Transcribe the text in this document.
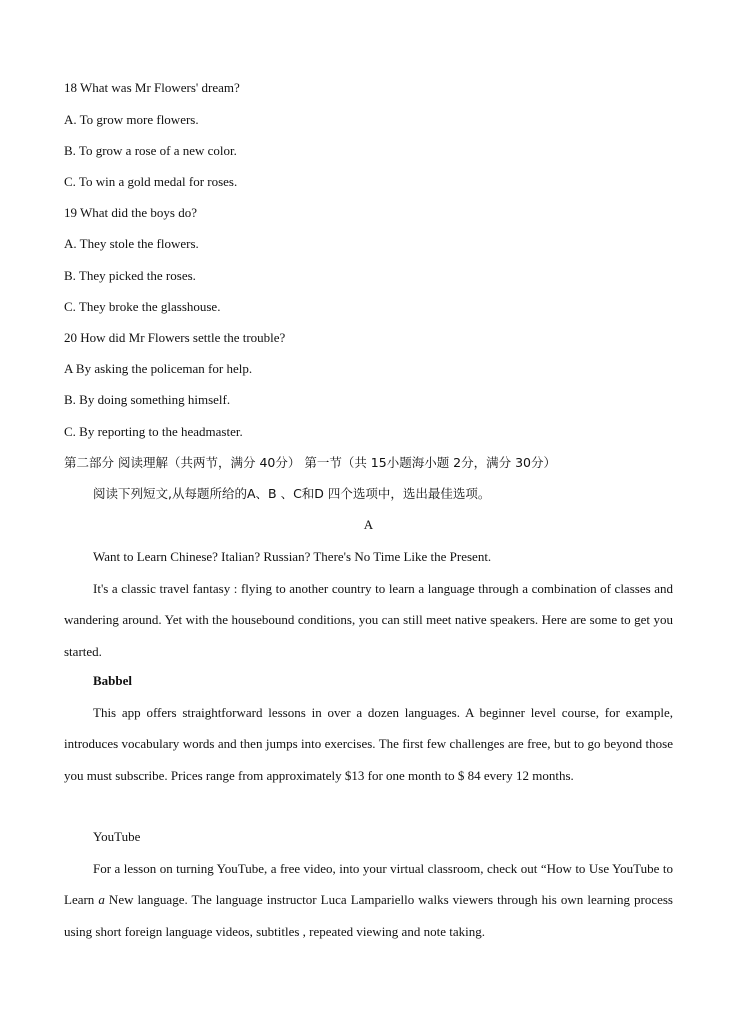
18 What was Mr Flowers' dream?
A. To grow more flowers.
B. To grow a rose of a new color.
C. To win a gold medal for roses.
19 What did the boys do?
A. They stole the flowers.
B. They picked the roses.
C. They broke the glasshouse.
20 How did Mr Flowers settle the trouble?
A By asking the policeman for help.
B. By doing something himself.
C. By reporting to the headmaster.
第二部分 阅读理解（共两节，满分 40分） 第一节（共 15小题海小题 2分，满分 30分）
阅读下列短文,从每题所给的A、B 、C和D 四个选项中，选出最佳选项。
A
Want to Learn Chinese? Italian? Russian? There's No Time Like the Present.
It's a classic travel fantasy : flying to another country to learn a language through a combination of classes and wandering around. Yet with the housebound conditions, you can still meet native speakers. Here are some to get you started.
Babbel
This app offers straightforward lessons in over a dozen languages. A beginner level course, for example, introduces vocabulary words and then jumps into exercises. The first few challenges are free, but to go beyond those you must subscribe. Prices range from approximately $13 for one month to $ 84 every 12 months.
YouTube
For a lesson on turning YouTube, a free video, into your virtual classroom, check out “How to Use YouTube to Learn a New language. The language instructor Luca Lampariello walks viewers through his own learning process using short foreign language videos, subtitles , repeated viewing and note taking.
